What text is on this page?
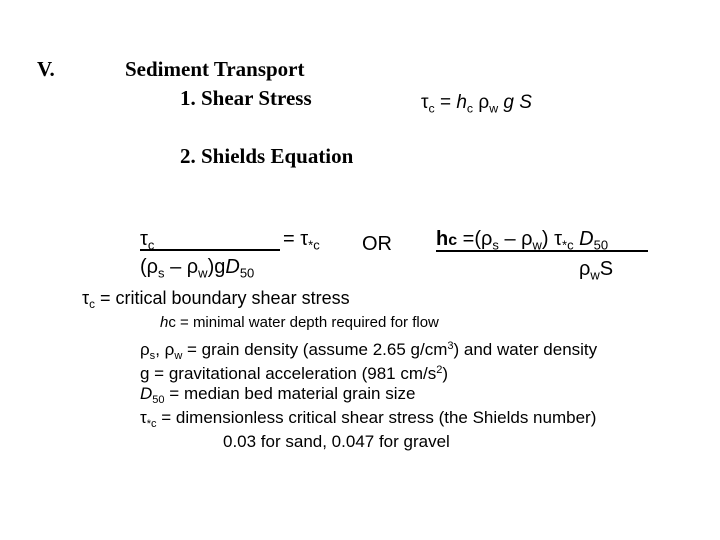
V.	Sediment Transport
1. Shear Stress
2. Shields Equation
$\tau_c = h_c$ $\rho_w$ g S
$\tau_c$	= $\tau_{*c}$
$(\rho_s - \rho_w)gD_{50}$
OR hc $=(\rho_s - \rho_w)$ $\tau_{*c}$ $D_{50}$
$\rho_wS$
$\tau_c$ = critical boundary shear stress
hc = minimal water depth required for flow
$\rho_s$, $\rho_w$ = grain density (assume 2.65 $g/cm^3$) and water density
g = gravitational acceleration (981 $cm/s^2$)
$D_{50}$ = median bed material grain size
$\tau_{*c}$ = dimensionless critical shear stress (the Shields number)
0.03 for sand, 0.047 for gravel
